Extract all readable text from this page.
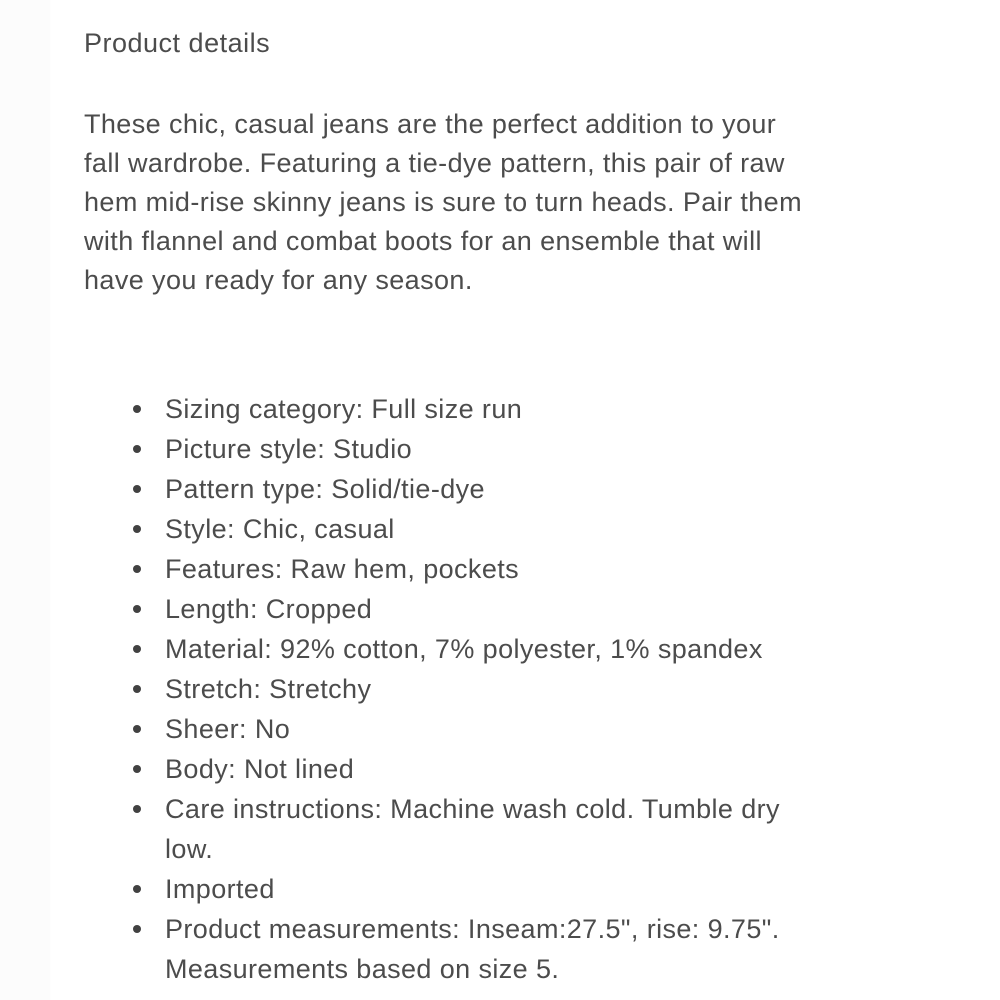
Product details
These chic, casual jeans are the perfect addition to your
fall wardrobe. Featuring a tie-dye pattern, this pair of raw
hem mid-rise skinny jeans is sure to turn heads. Pair them
with flannel and combat boots for an ensemble that will
have you ready for any season.
Sizing category: Full size run
Picture style: Studio
Pattern type: Solid/tie-dye
Style: Chic, casual
Features: Raw hem, pockets
Length: Cropped
Material: 92% cotton, 7% polyester, 1% spandex
Stretch: Stretchy
Sheer: No
Body: Not lined
Care instructions: Machine wash cold. Tumble dry
low.
Imported
Product measurements: Inseam:27.5", rise: 9.75".
Measurements based on size 5.
